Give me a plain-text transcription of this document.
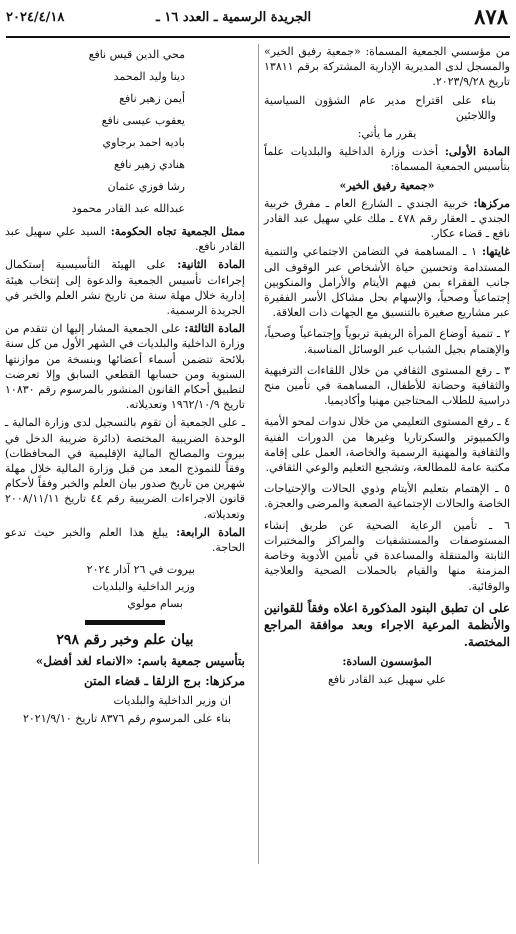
٢٠٢٤/٤/١٨	الجريدة الرسمية ـ العدد ١٦ ـ	٨٧٨

من مؤسسي الجمعية المسماة: «جمعية رفيق الخير» والمسجل لدى المديرية الإدارية المشتركة برقم ١٣٨١١ تاريخ ٢٠٢٣/٩/٢٨.

بناء على اقتراح مدير عام الشؤون السياسية واللاجئين

يقرر ما يأتي:

المادة الأولى: أخذت وزارة الداخلية والبلديات علماً بتأسيس الجمعية المسماة:

«جمعية رفيق الخير»

مركزها: خربية الجندي ـ الشارع العام ـ مفرق خربية الجندي ـ العقار رقم ٤٧٨ ـ ملك علي سهيل عبد القادر نافع ـ قضاء عكار.

غايتها: ١ ـ المساهمة في التضامن الاجتماعي والتنمية المستدامة وتحسين حياة الأشخاص عبر الوقوف الى جانب الفقراء بمن فيهم الأيتام والأرامل والمنكوبين إجتماعياً وصحياً، والإسهام بحل مشاكل الأسر الفقيرة عبر مشاريع صغيرة بالتنسيق مع الجهات ذات العلاقة.

٢ ـ تنمية أوضاع المرأة الريفية تربوياً وإجتماعياً وصحياً، والإهتمام بجيل الشباب عبر الوسائل المناسبة.

٣ ـ رفع المستوى الثقافي من خلال اللقاءات الترفيهية والثقافية وحضانة للأطفال، المساهمة في تأمين منح دراسية للطلاب المحتاجين مهنيا وأكاديميا.

٤ ـ رفع المستوى التعليمي من خلال ندوات لمحو الأمية والكمبيوتر والسكرتاريا وغيرها من الدورات الفنية والثقافية والمهنية الرسمية والخاصة، العمل على إقامة مكتبة عامة للمطالعة، وتشجيع التعليم والوعي الثقافي.

٥ ـ الإهتمام بتعليم الأيتام وذوي الحالات والإحتياجات الخاصة والحالات الإجتماعية الصعبة والمرضى والعجزة.

٦ ـ تأمين الرعاية الصحية عن طريق إنشاء المستوصفات والمستشفيات والمراكز والمختبرات الثابتة والمتنقلة والمساعدة في تأمين الأدوية وخاصة المزمنة منها والقيام بالحملات الصحية والعلاجية والوقائية.

على ان تطبق البنود المذكورة اعلاه وفقاً للقوانين والأنظمة المرعية الاجراء وبعد موافقة المراجع المختصة.

المؤسسون السادة:

علي سهيل عبد القادر نافع

محي الدين قيس نافع
دينا وليد المحمد
أيمن زهير نافع
يعقوب عيسى نافع
باديه احمد برجاوي
هنادي زهير نافع
رشا فوزي عثمان
عبدالله عبد القادر محمود

ممثل الجمعية تجاه الحكومة: السيد علي سهيل عبد القادر نافع.

المادة الثانية: على الهيئة التأسيسية إستكمال إجراءات تأسيس الجمعية والدعوة إلى إنتخاب هيئة إدارية خلال مهلة سنة من تاريخ نشر العلم والخبر في الجريدة الرسمية.

المادة الثالثة: على الجمعية المشار إليها ان تتقدم من وزارة الداخلية والبلديات في الشهر الأول من كل سنة بلائحة تتضمن أسماء أعضائها وبنسخة من موازنتها السنوية ومن حسابها القطعي السابق وإلا تعرضت لتطبيق أحكام القانون المنشور بالمرسوم رقم ١٠٨٣٠ تاريخ ١٩٦٢/١٠/٩ وتعديلاته.

ـ على الجمعية أن تقوم بالتسجيل لدى وزارة المالية ـ الوحدة الضريبية المختصة (دائرة ضريبة الدخل في بيروت والمصالح المالية الإقليمية في المحافظات) وفقاً للنموذج المعد من قبل وزارة المالية خلال مهلة شهرين من تاريخ صدور بيان العلم والخبر وفقاً لأحكام قانون الاجراءات الضريبية رقم ٤٤ تاريخ ٢٠٠٨/١١/١١ وتعديلاته.

المادة الرابعة: يبلغ هذا العلم والخبر حيث تدعو الحاجة.

بيروت في ٢٦ آذار ٢٠٢٤
وزير الداخلية والبلديات
بسام مولوي

بيان علم وخبر رقم ٢٩٨

بتأسيس جمعية باسم: «الانماء لغد أفضل»

مركزها: برج الزلقا ـ قضاء المتن

ان وزير الداخلية والبلديات

بناء على المرسوم رقم ٨٣٧٦ تاريخ ٢٠٢١/٩/١٠
